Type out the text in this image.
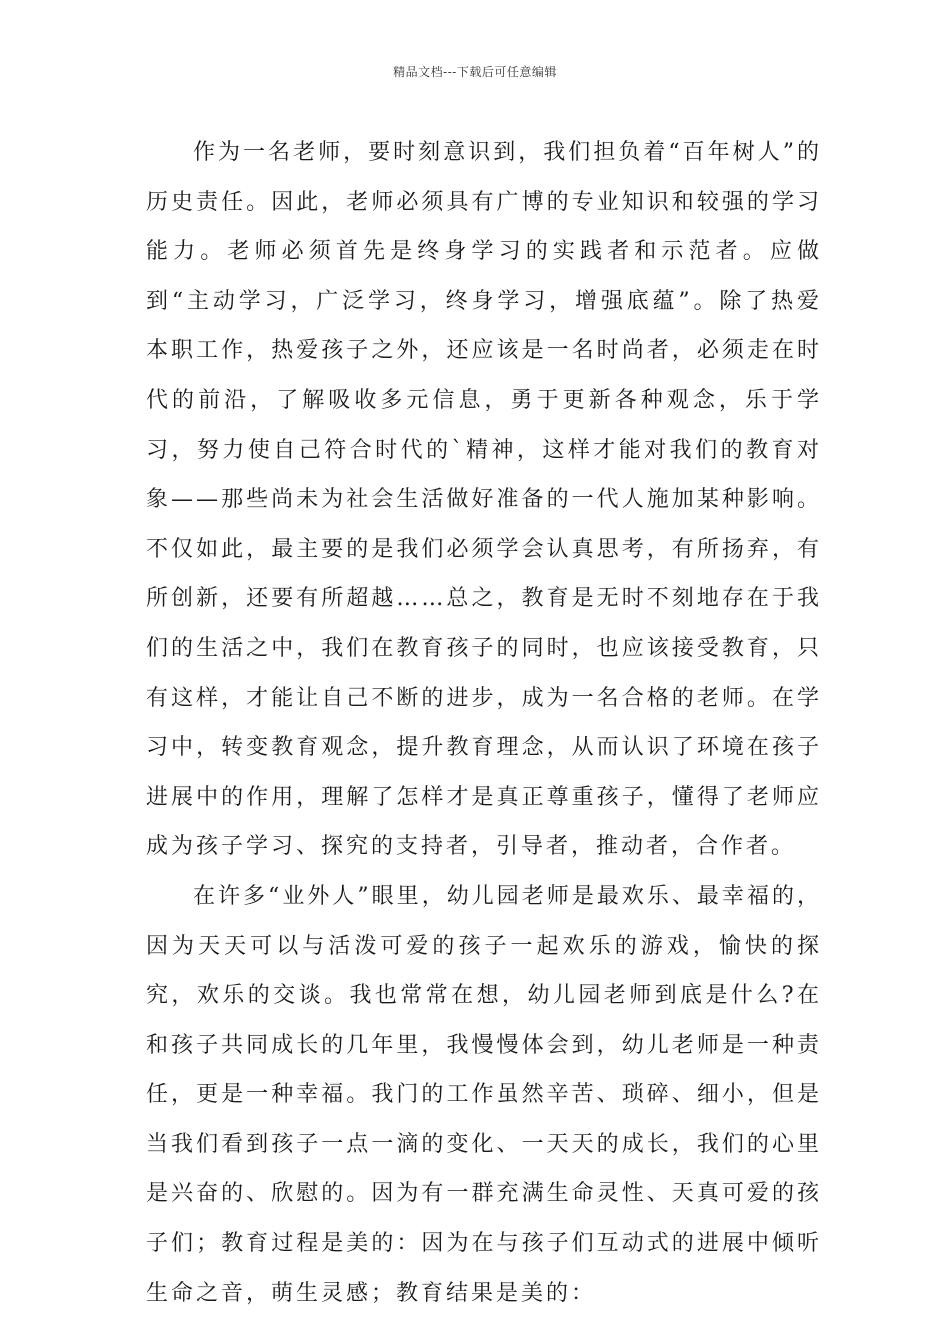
精品文档---下载后可任意编辑

作为一名老师，要时刻意识到，我们担负着“百年树人”的历史责任。因此，老师必须具有广博的专业知识和较强的学习能力。老师必须首先是终身学习的实践者和示范者。应做到“主动学习，广泛学习，终身学习，增强底蕴”。除了热爱本职工作，热爱孩子之外，还应该是一名时尚者，必须走在时代的前沿，了解吸收多元信息，勇于更新各种观念，乐于学习，努力使自己符合时代的`精神，这样才能对我们的教育对象——那些尚未为社会生活做好准备的一代人施加某种影响。不仅如此，最主要的是我们必须学会认真思考，有所扬弃，有所创新，还要有所超越……总之，教育是无时不刻地存在于我们的生活之中，我们在教育孩子的同时，也应该接受教育，只有这样，才能让自己不断的进步，成为一名合格的老师。在学习中，转变教育观念，提升教育理念，从而认识了环境在孩子进展中的作用，理解了怎样才是真正尊重孩子，懂得了老师应成为孩子学习、探究的支持者，引导者，推动者，合作者。

在许多“业外人”眼里，幼儿园老师是最欢乐、最幸福的，因为天天可以与活泼可爱的孩子一起欢乐的游戏，愉快的探究，欢乐的交谈。我也常常在想，幼儿园老师到底是什么?在和孩子共同成长的几年里，我慢慢体会到，幼儿老师是一种责任，更是一种幸福。我门的工作虽然辛苦、琐碎、细小，但是当我们看到孩子一点一滴的变化、一天天的成长，我们的心里是兴奋的、欣慰的。因为有一群充满生命灵性、天真可爱的孩子们；教育过程是美的：因为在与孩子们互动式的进展中倾听生命之音，萌生灵感；教育结果是美的：
